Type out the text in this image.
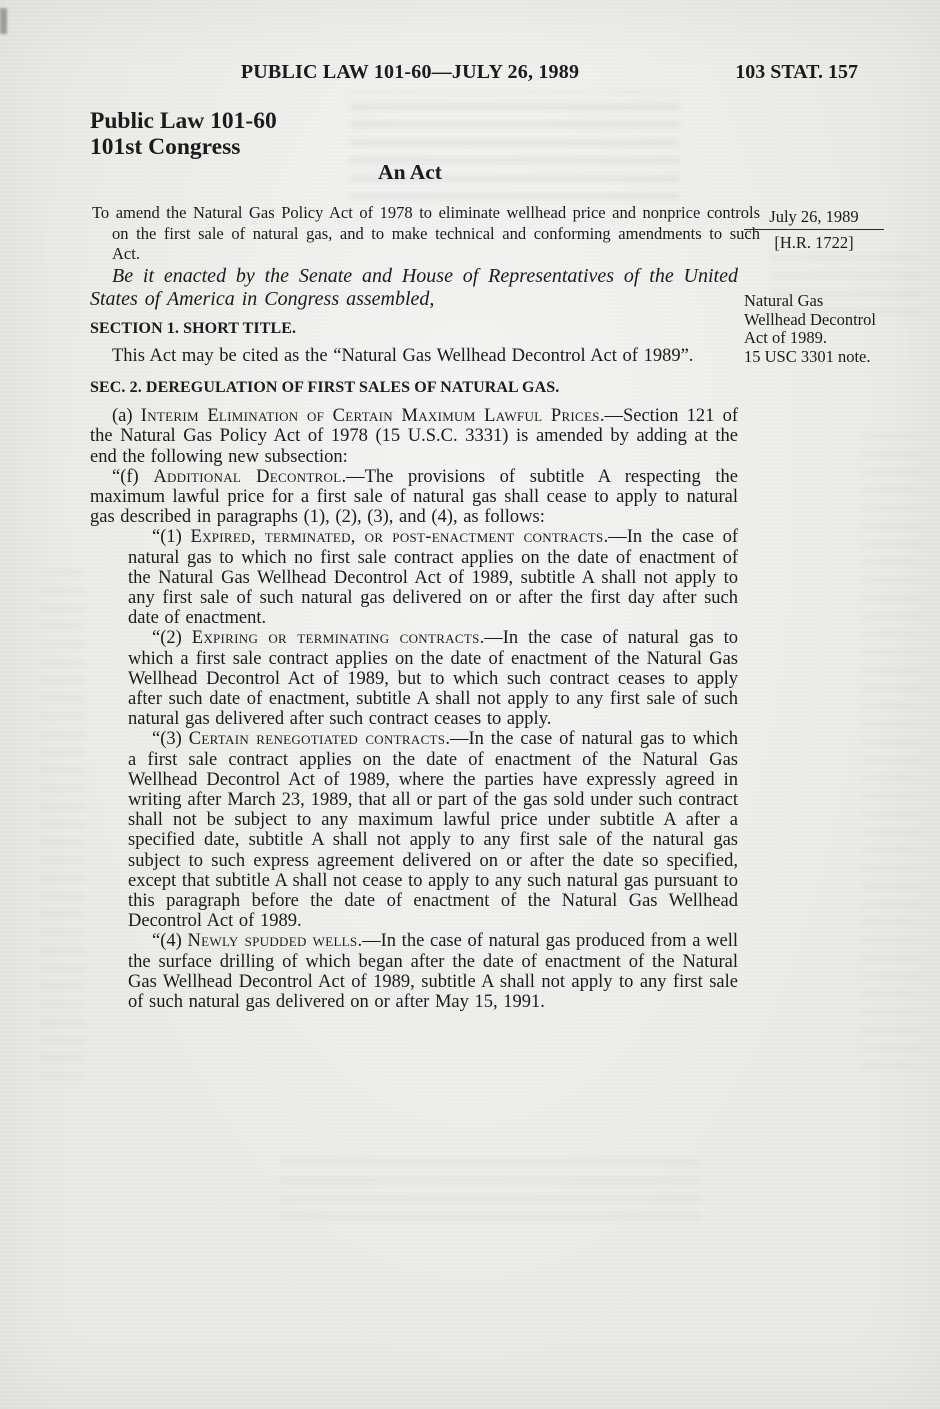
PUBLIC LAW 101-60—JULY 26, 1989	103 STAT. 157
Public Law 101-60
101st Congress
An Act

To amend the Natural Gas Policy Act of 1978 to eliminate wellhead price and nonprice controls on the first sale of natural gas, and to make technical and conforming amendments to such Act.

July 26, 1989
[H.R. 1722]

Be it enacted by the Senate and House of Representatives of the United States of America in Congress assembled,	Natural Gas Wellhead Decontrol Act of 1989.
15 USC 3301 note.
SECTION 1. SHORT TITLE.

This Act may be cited as the “Natural Gas Wellhead Decontrol Act of 1989”.

SEC. 2. DEREGULATION OF FIRST SALES OF NATURAL GAS.

(a) Interim Elimination of Certain Maximum Lawful Prices.—Section 121 of the Natural Gas Policy Act of 1978 (15 U.S.C. 3331) is amended by adding at the end the following new subsection:

“(f) Additional Decontrol.—The provisions of subtitle A respecting the maximum lawful price for a first sale of natural gas shall cease to apply to natural gas described in paragraphs (1), (2), (3), and (4), as follows:

“(1) Expired, terminated, or post-enactment contracts.—In the case of natural gas to which no first sale contract applies on the date of enactment of the Natural Gas Wellhead Decontrol Act of 1989, subtitle A shall not apply to any first sale of such natural gas delivered on or after the first day after such date of enactment.

“(2) Expiring or terminating contracts.—In the case of natural gas to which a first sale contract applies on the date of enactment of the Natural Gas Wellhead Decontrol Act of 1989, but to which such contract ceases to apply after such date of enactment, subtitle A shall not apply to any first sale of such natural gas delivered after such contract ceases to apply.

“(3) Certain renegotiated contracts.—In the case of natural gas to which a first sale contract applies on the date of enactment of the Natural Gas Wellhead Decontrol Act of 1989, where the parties have expressly agreed in writing after March 23, 1989, that all or part of the gas sold under such contract shall not be subject to any maximum lawful price under subtitle A after a specified date, subtitle A shall not apply to any first sale of the natural gas subject to such express agreement delivered on or after the date so specified, except that subtitle A shall not cease to apply to any such natural gas pursuant to this paragraph before the date of enactment of the Natural Gas Wellhead Decontrol Act of 1989.

“(4) Newly spudded wells.—In the case of natural gas produced from a well the surface drilling of which began after the date of enactment of the Natural Gas Wellhead Decontrol Act of 1989, subtitle A shall not apply to any first sale of such natural gas delivered on or after May 15, 1991.
